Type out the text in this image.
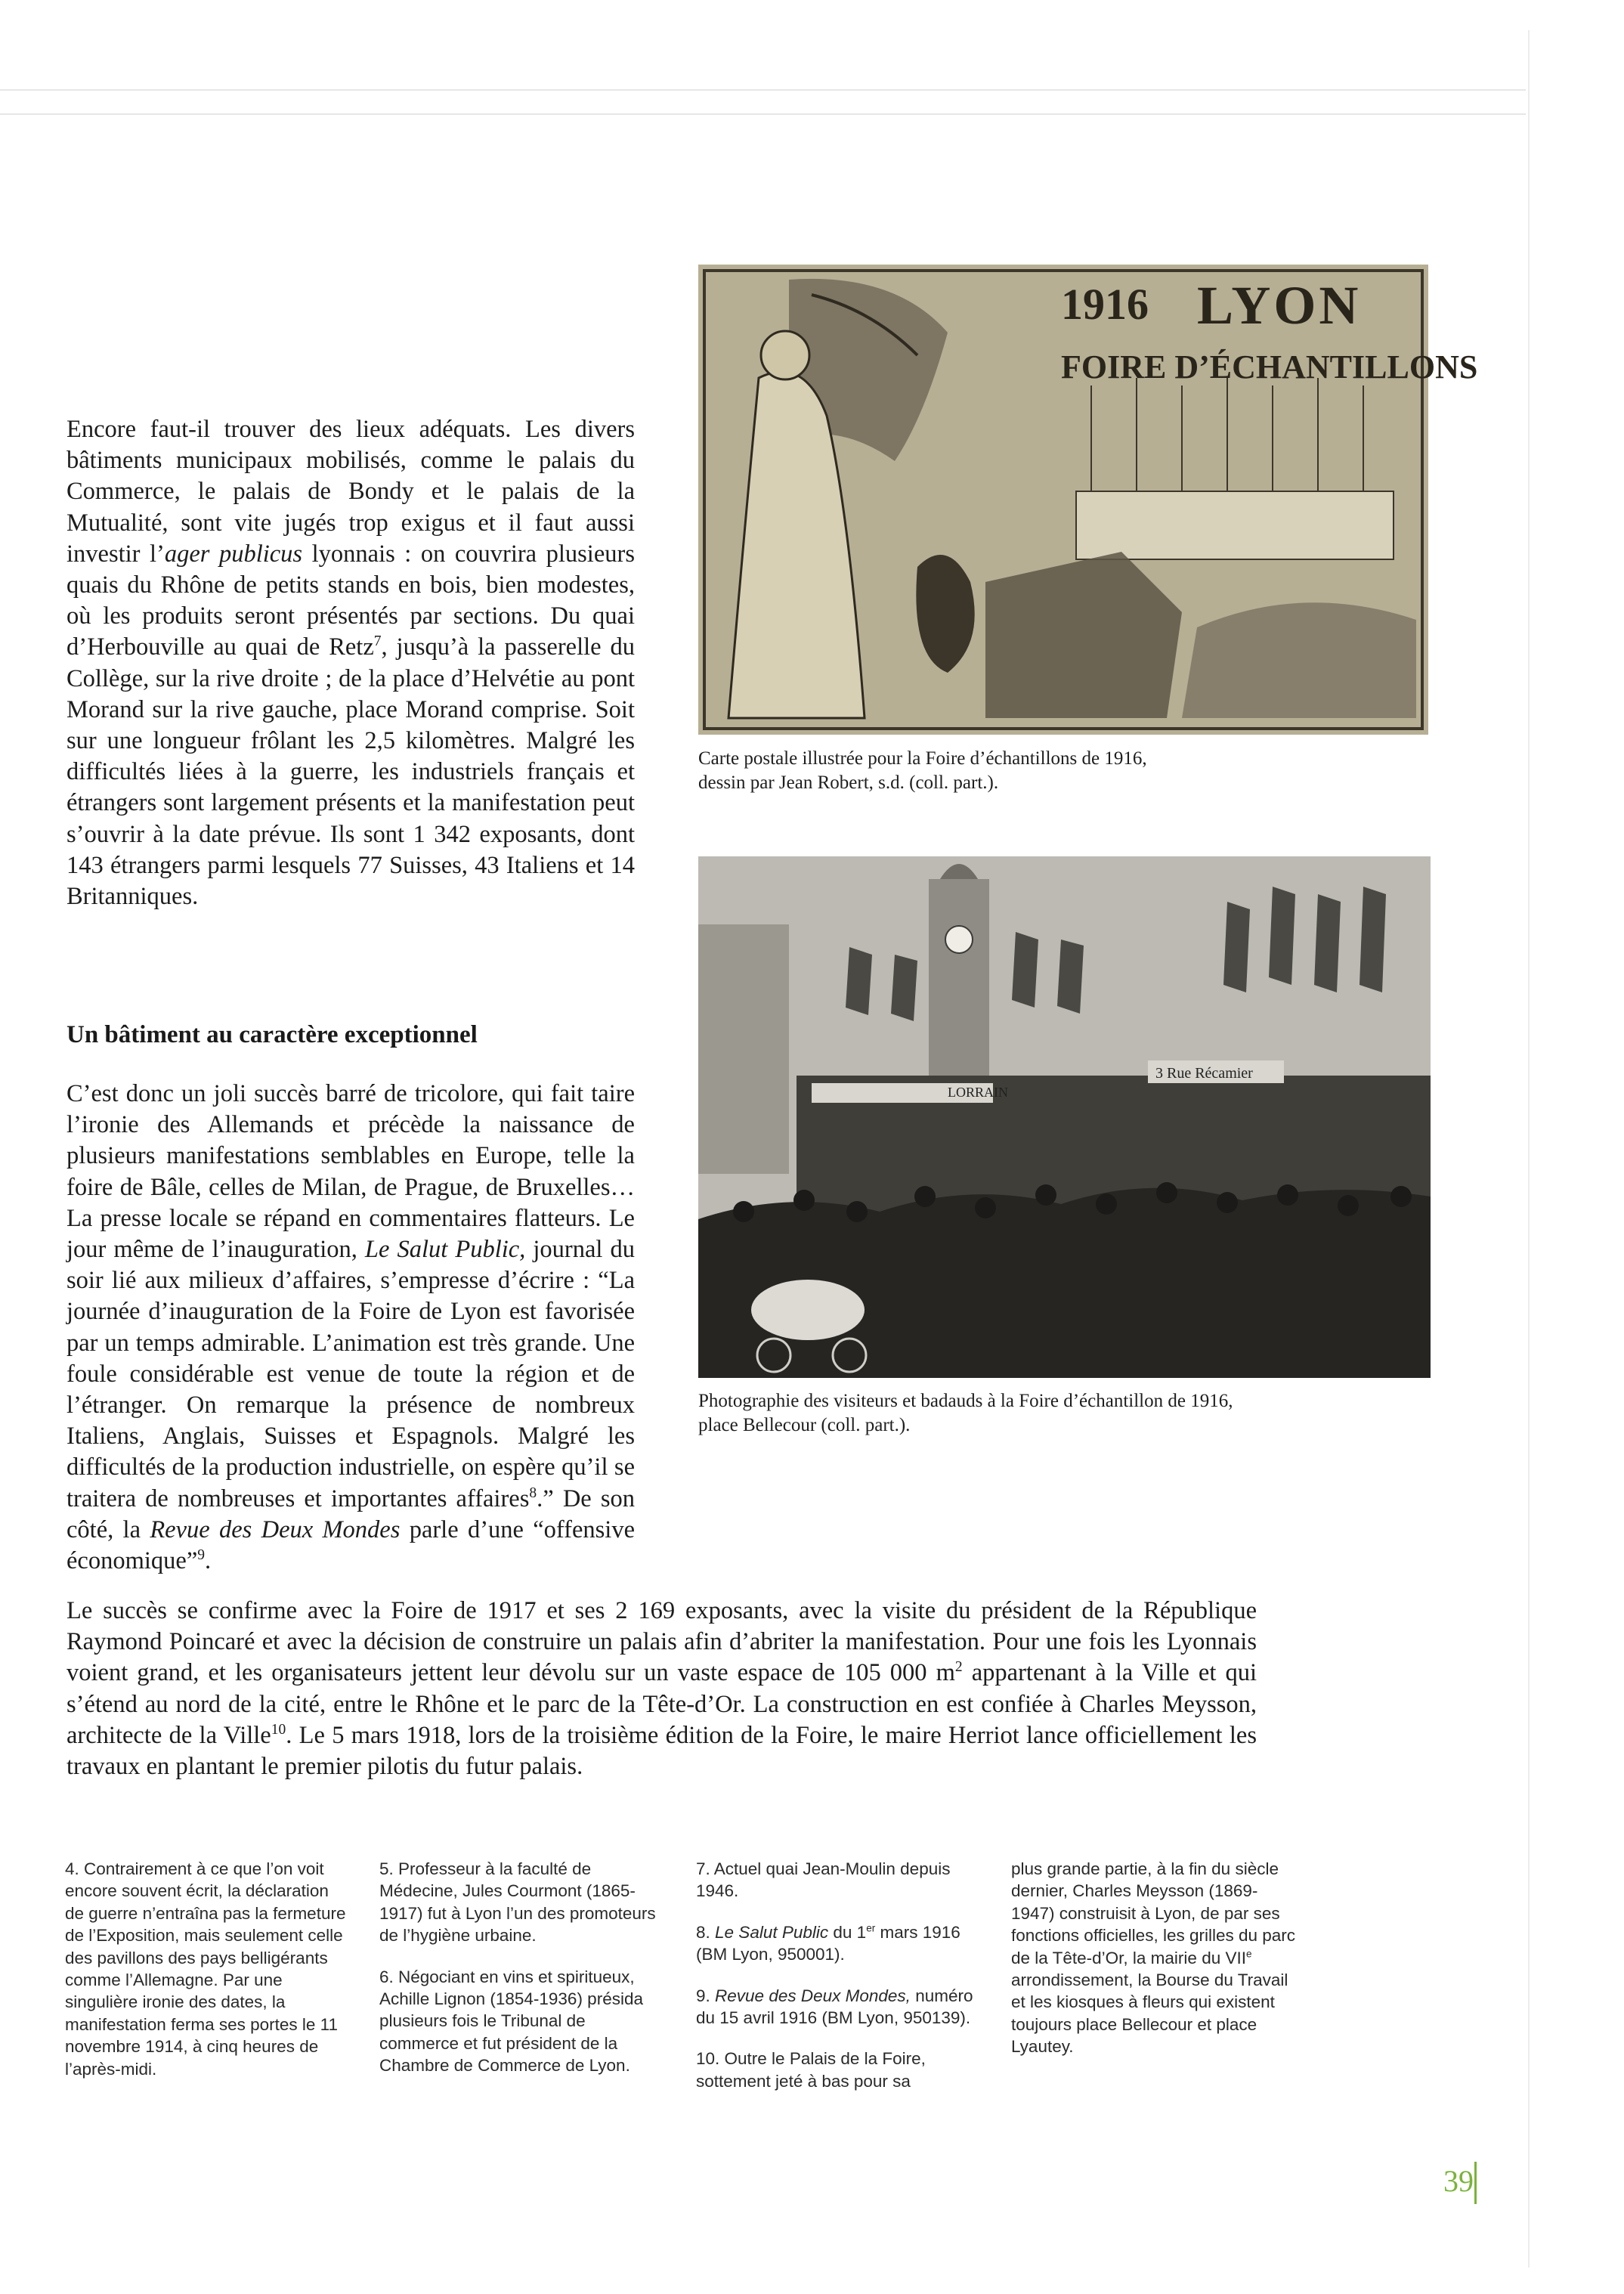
Encore faut-il trouver des lieux adéquats. Les divers bâtiments municipaux mobilisés, comme le palais du Commerce, le palais de Bondy et le palais de la Mutualité, sont vite jugés trop exigus et il faut aussi investir l’ager publicus lyonnais : on couvrira plusieurs quais du Rhône de petits stands en bois, bien modestes, où les produits seront présentés par sections. Du quai d’Herbouville au quai de Retz$^7$, jusqu’à la passerelle du Collège, sur la rive droite ; de la place d’Helvétie au pont Morand sur la rive gauche, place Morand comprise. Soit sur une longueur frôlant les 2,5 kilomètres. Malgré les difficultés liées à la guerre, les industriels français et étrangers sont largement présents et la manifestation peut s’ouvrir à la date prévue. Ils sont 1 342 exposants, dont 143 étrangers parmi lesquels 77 Suisses, 43 Italiens et 14 Britanniques.

Un bâtiment au caractère exceptionnel

C’est donc un joli succès barré de tricolore, qui fait taire l’ironie des Allemands et précède la naissance de plusieurs manifestations semblables en Europe, telle la foire de Bâle, celles de Milan, de Prague, de Bruxelles… La presse locale se répand en commentaires flatteurs. Le jour même de l’inauguration, Le Salut Public, journal du soir lié aux milieux d’affaires, s’empresse d’écrire : “La journée d’inauguration de la Foire de Lyon est favorisée par un temps admirable. L’animation est très grande. Une foule considérable est venue de toute la région et de l’étranger. On remarque la présence de nombreux Italiens, Anglais, Suisses et Espagnols. Malgré les difficultés de la production industrielle, on espère qu’il se traitera de nombreuses et importantes affaires$^8$.” De son côté, la Revue des Deux Mondes parle d’une “offensive économique”$^9$.

Le succès se confirme avec la Foire de 1917 et ses 2 169 exposants, avec la visite du président de la République Raymond Poincaré et avec la décision de construire un palais afin d’abriter la manifestation. Pour une fois les Lyonnais voient grand, et les organisateurs jettent leur dévolu sur un vaste espace de 105 000 $m^2$ appartenant à la Ville et qui s’étend au nord de la cité, entre le Rhône et le parc de la Tête-d’Or. La construction en est confiée à Charles Meysson, architecte de la Ville$^{10}$. Le 5 mars 1918, lors de la troisième édition de la Foire, le maire Herriot lance officiellement les travaux en plantant le premier pilotis du futur palais.

1916 LYON
FOIRE D’ÉCHANTILLONS
Carte postale illustrée pour la Foire d’échantillons de 1916,
dessin par Jean Robert, s.d. (coll. part.).
3 Rue Récamier
LORRAIN
Photographie des visiteurs et badauds à la Foire d’échantillon de 1916,
place Bellecour (coll. part.).

4. Contrairement à ce que l’on voit encore souvent écrit, la déclaration de guerre n’entraîna pas la fermeture de l’Exposition, mais seulement celle des pavillons des pays belligérants comme l’Allemagne. Par une singulière ironie des dates, la manifestation ferma ses portes le 11 novembre 1914, à cinq heures de l’après-midi.

5. Professeur à la faculté de Médecine, Jules Courmont (1865-1917) fut à Lyon l’un des promoteurs de l’hygiène urbaine.

6. Négociant en vins et spiritueux, Achille Lignon (1854-1936) présida plusieurs fois le Tribunal de commerce et fut président de la Chambre de Commerce de Lyon.

7. Actuel quai Jean-Moulin depuis 1946.

8. Le Salut Public du 1er mars 1916 (BM Lyon, 950001).

9. Revue des Deux Mondes, numéro du 15 avril 1916 (BM Lyon, 950139).

10. Outre le Palais de la Foire, sottement jeté à bas pour sa

plus grande partie, à la fin du siècle dernier, Charles Meysson (1869-1947) construisit à Lyon, de par ses fonctions officielles, les grilles du parc de la Tête-d’Or, la mairie du VIIe arrondissement, la Bourse du Travail et les kiosques à fleurs qui existent toujours place Bellecour et place Lyautey.

39
